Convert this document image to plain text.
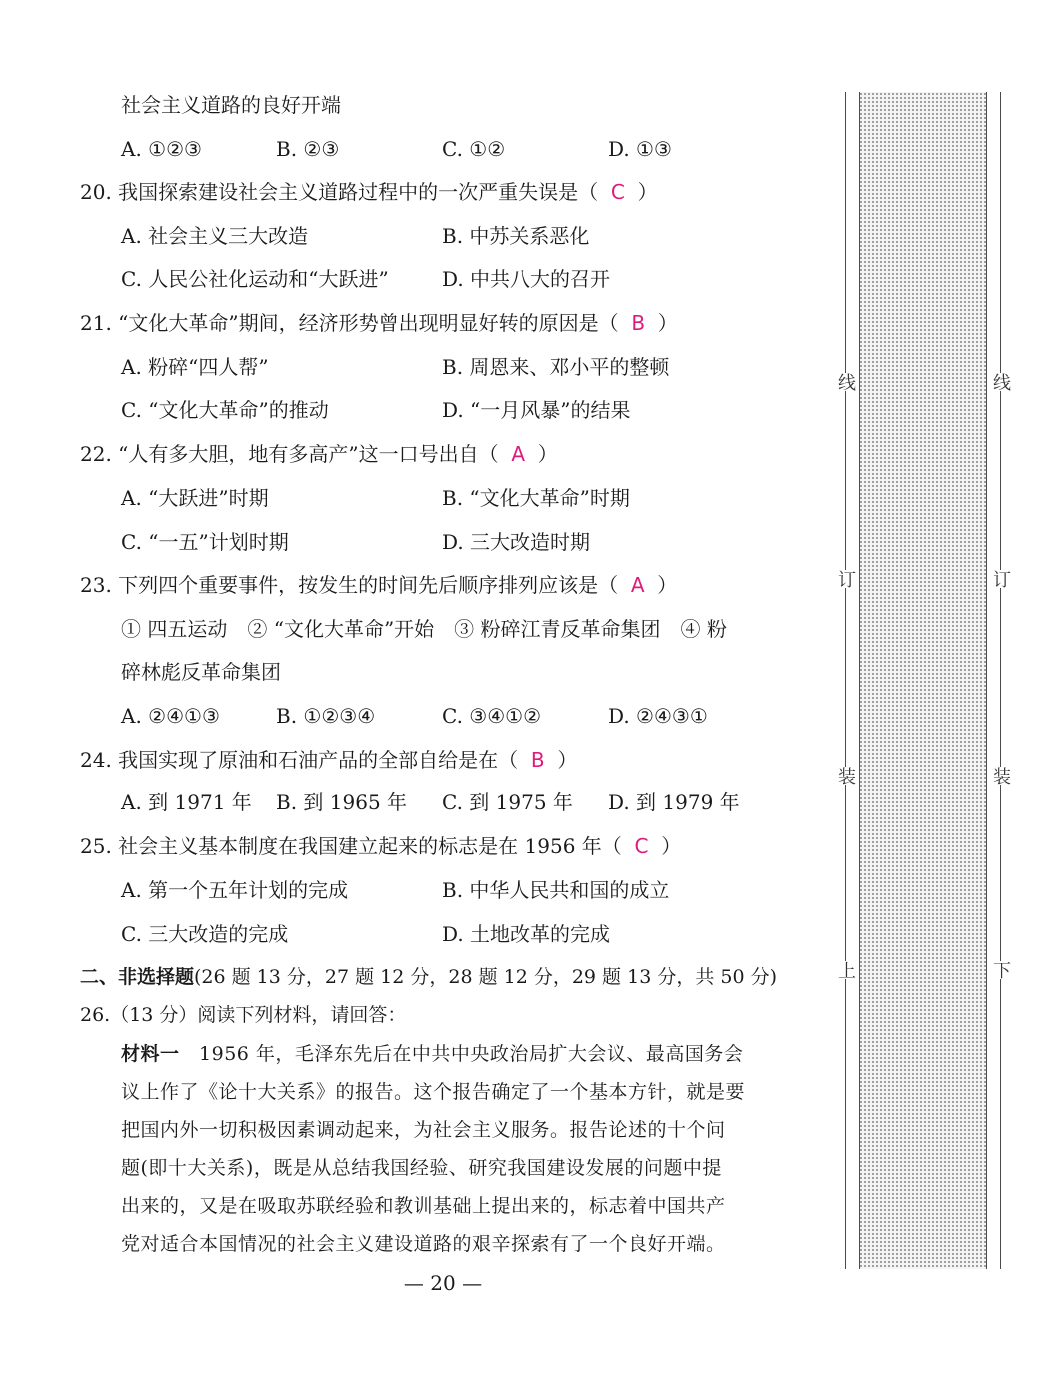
社会主义道路的良好开端
A. ①②③	B. ②③	C. ①②	D. ①③
20. 我国探索建设社会主义道路过程中的一次严重失误是（ C ）
A. 社会主义三大改造	B. 中苏关系恶化
C. 人民公社化运动和“大跃进”	D. 中共八大的召开
21. “文化大革命”期间，经济形势曾出现明显好转的原因是（ B ）
A. 粉碎“四人帮”	B. 周恩来、邓小平的整顿
C. “文化大革命”的推动	D. “一月风暴”的结果
22. “人有多大胆，地有多高产”这一口号出自（ A ）
A. “大跃进”时期	B. “文化大革命”时期
C. “一五”计划时期	D. 三大改造时期
23. 下列四个重要事件，按发生的时间先后顺序排列应该是（ A ）
① 四五运动　② “文化大革命”开始　③ 粉碎江青反革命集团　④ 粉
碎林彪反革命集团
A. ②④①③	B. ①②③④	C. ③④①②	D. ②④③①
24. 我国实现了原油和石油产品的全部自给是在（ B ）
A. 到 1971 年 B. 到 1965 年 C. 到 1975 年 D. 到 1979 年
25. 社会主义基本制度在我国建立起来的标志是在 1956 年（ C ）
A. 第一个五年计划的完成	B. 中华人民共和国的成立
C. 三大改造的完成	D. 土地改革的完成
二、非选择题(26 题 13 分，27 题 12 分，28 题 12 分，29 题 13 分，共 50 分)
26.（13 分）阅读下列材料，请回答：
材料一　1956 年，毛泽东先后在中共中央政治局扩大会议、最高国务会
议上作了《论十大关系》的报告。这个报告确定了一个基本方针，就是要
把国内外一切积极因素调动起来，为社会主义服务。报告论述的十个问
题(即十大关系)，既是从总结我国经验、研究我国建设发展的问题中提
出来的，又是在吸取苏联经验和教训基础上提出来的，标志着中国共产
党对适合本国情况的社会主义建设道路的艰辛探索有了一个良好开端。
— 20 —
线
订
装
上
线
订
装
下
